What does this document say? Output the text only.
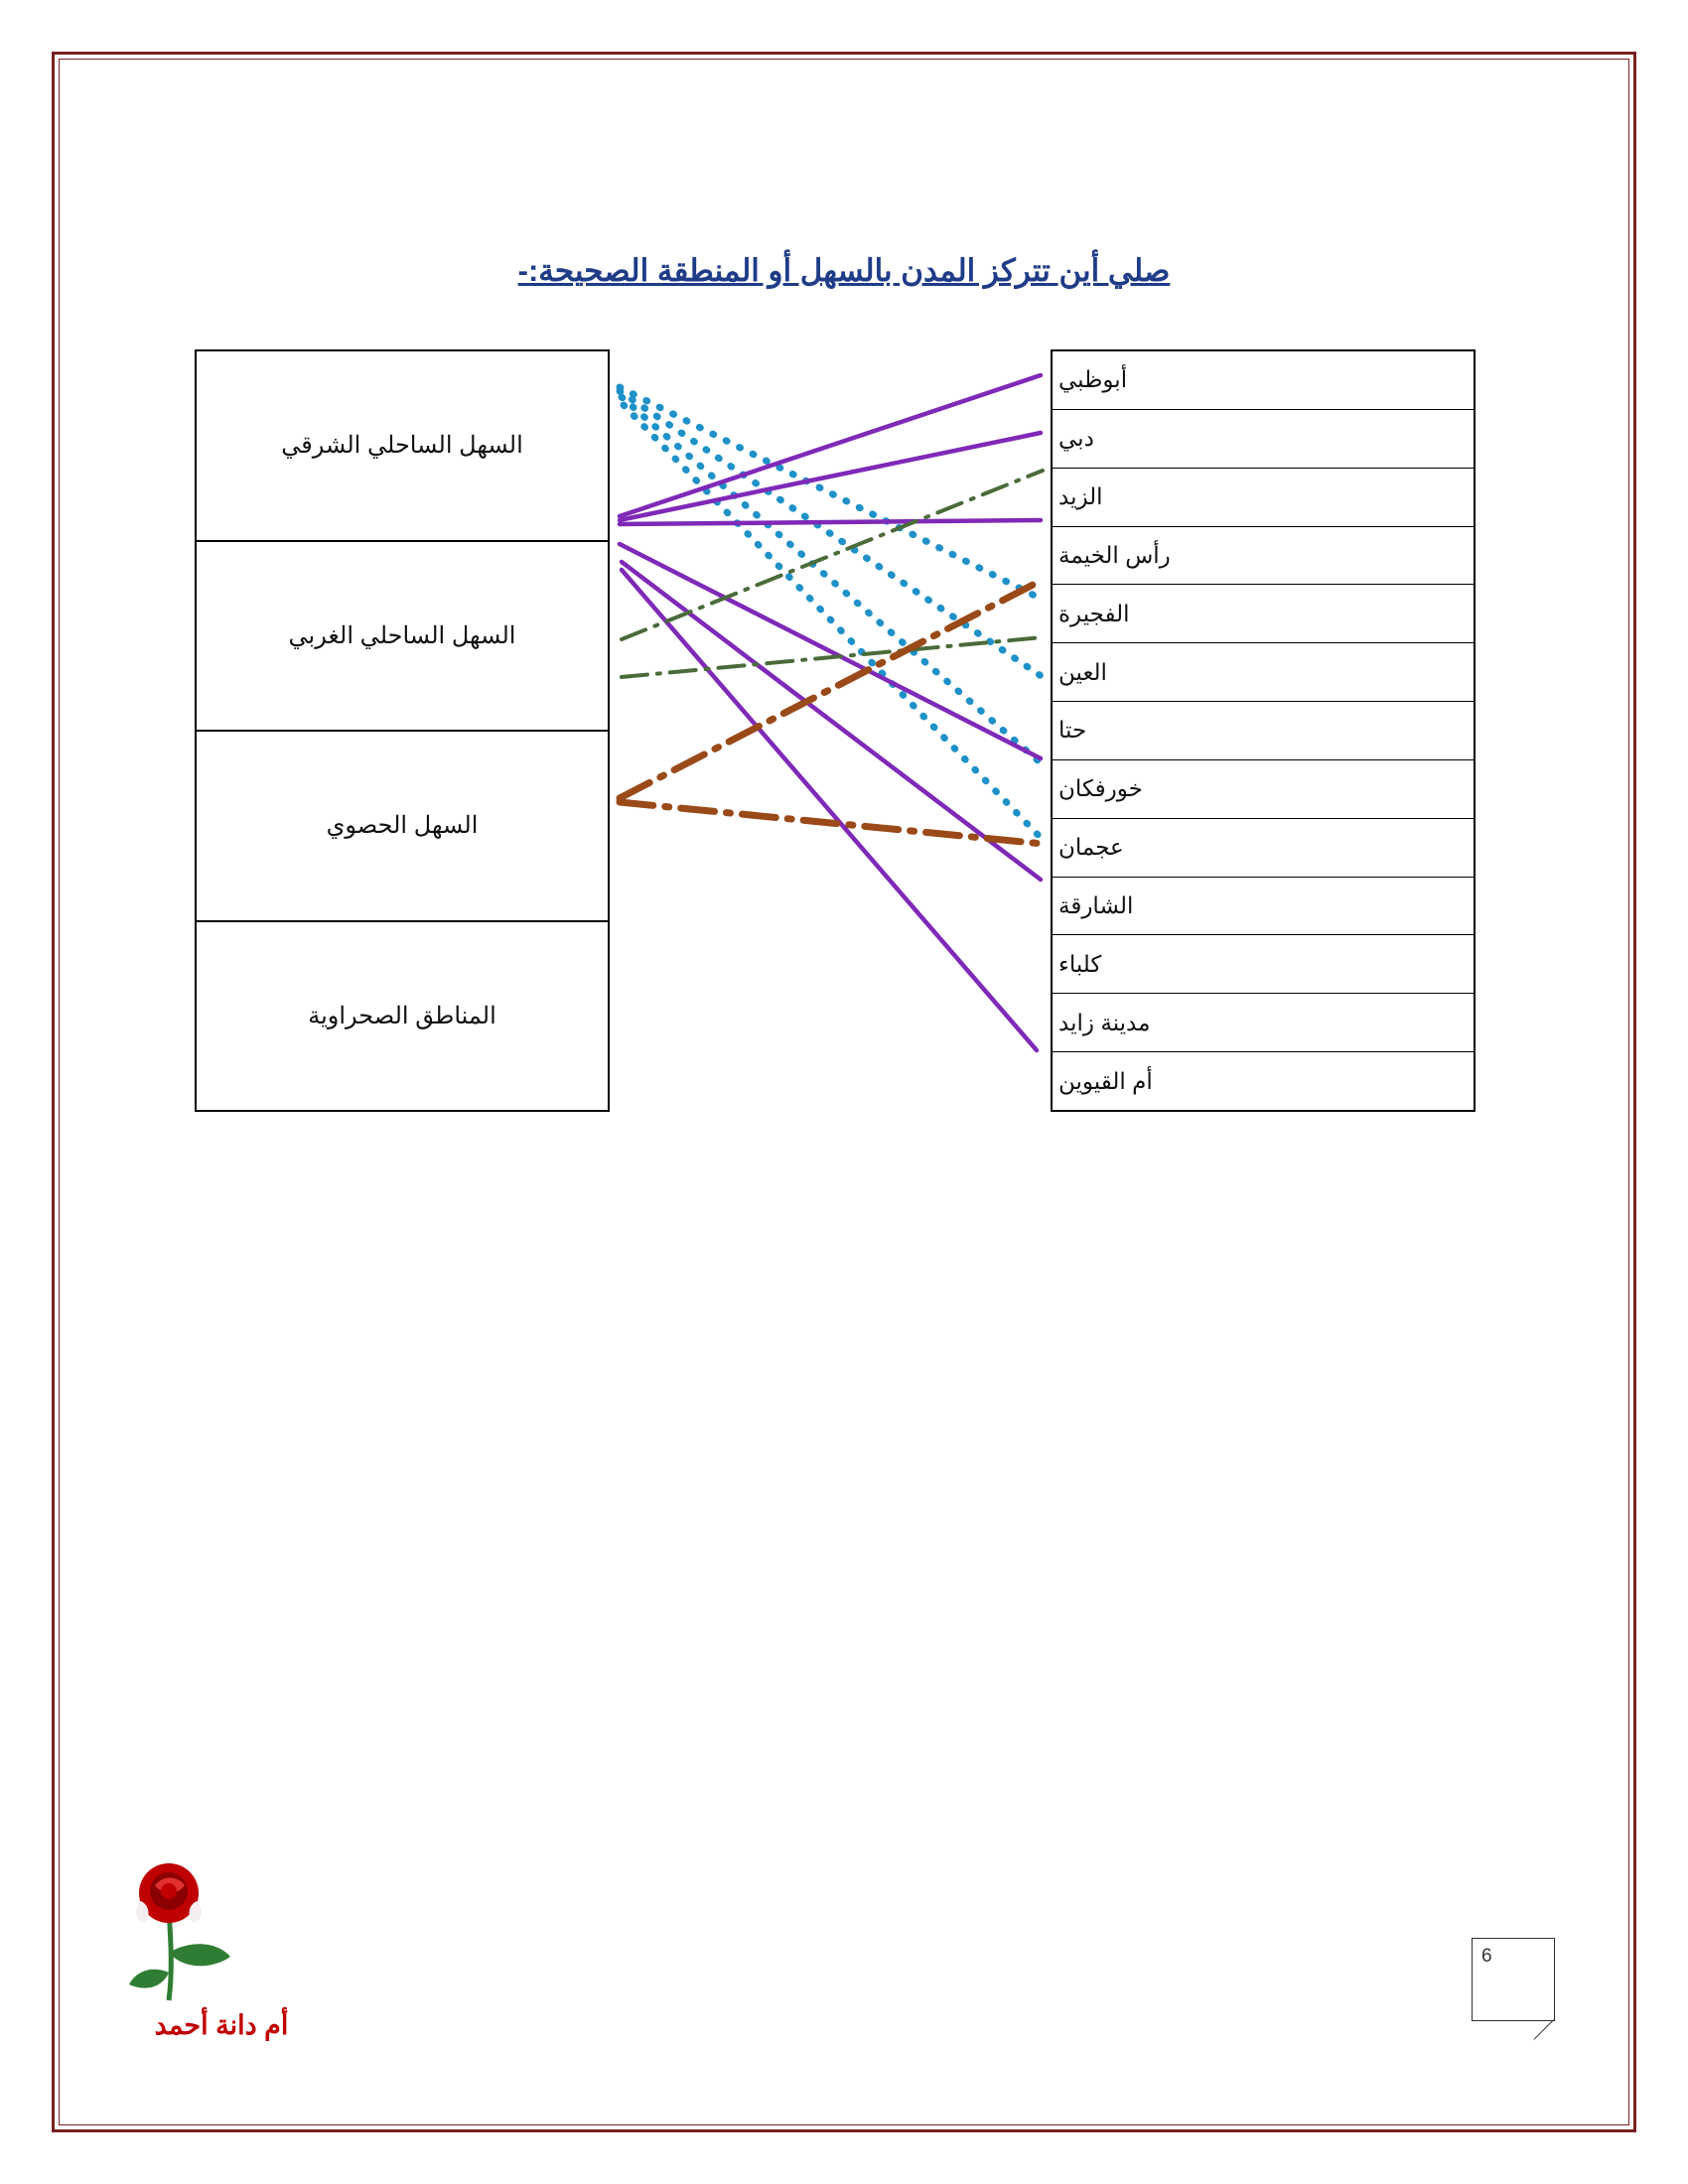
صلي أين تتركز المدن بالسهل أو المنطقة الصحيحة:-
السهل الساحلي الشرقي
السهل الساحلي الغربي
السهل الحصوي
المناطق الصحراوية
أبوظبي
دبي
الزيد
رأس الخيمة
الفجيرة
العين
حتا
خورفكان
عجمان
الشارقة
كلباء
مدينة زايد
أم القيوين
أم دانة أحمد
6
